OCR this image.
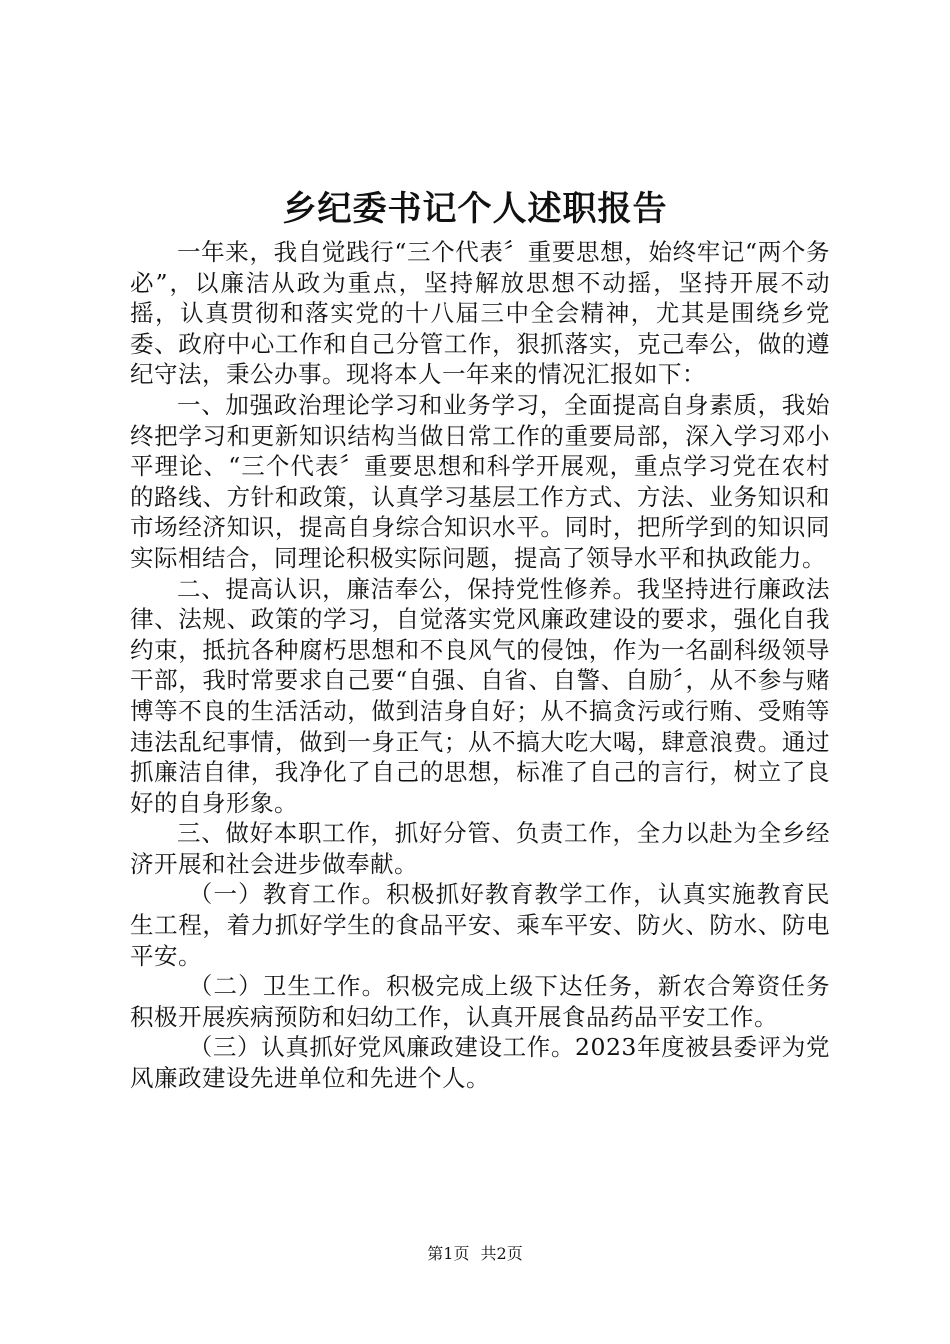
乡纪委书记个人述职报告

一年来，我自觉践行“三个代表〞重要思想，始终牢记“两个务必”，以廉洁从政为重点，坚持解放思想不动摇，坚持开展不动摇，认真贯彻和落实党的十八届三中全会精神，尤其是围绕乡党委、政府中心工作和自己分管工作，狠抓落实，克己奉公，做的遵纪守法，秉公办事。现将本人一年来的情况汇报如下：

一、加强政治理论学习和业务学习，全面提高自身素质，我始终把学习和更新知识结构当做日常工作的重要局部，深入学习邓小平理论、“三个代表〞重要思想和科学开展观，重点学习党在农村的路线、方针和政策，认真学习基层工作方式、方法、业务知识和市场经济知识，提高自身综合知识水平。同时，把所学到的知识同实际相结合，同理论积极实际问题，提高了领导水平和执政能力。

二、提高认识，廉洁奉公，保持党性修养。我坚持进行廉政法律、法规、政策的学习，自觉落实党风廉政建设的要求，强化自我约束，抵抗各种腐朽思想和不良风气的侵蚀，作为一名副科级领导干部，我时常要求自己要“自强、自省、自警、自励〞，从不参与赌博等不良的生活活动，做到洁身自好；从不搞贪污或行贿、受贿等违法乱纪事情，做到一身正气；从不搞大吃大喝，肆意浪费。通过抓廉洁自律，我净化了自己的思想，标准了自己的言行，树立了良好的自身形象。

三、做好本职工作，抓好分管、负责工作，全力以赴为全乡经济开展和社会进步做奉献。

（一）教育工作。积极抓好教育教学工作，认真实施教育民生工程，着力抓好学生的食品平安、乘车平安、防火、防水、防电平安。

（二）卫生工作。积极完成上级下达任务，新农合筹资任务积极开展疾病预防和妇幼工作，认真开展食品药品平安工作。

（三）认真抓好党风廉政建设工作。2023年度被县委评为党风廉政建设先进单位和先进个人。

第1页 共2页
